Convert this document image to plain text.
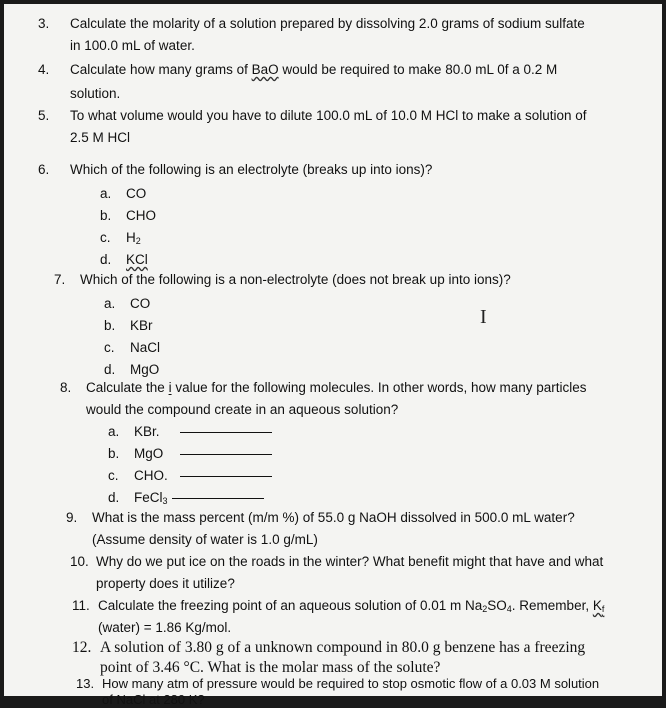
3. Calculate the molarity of a solution prepared by dissolving 2.0 grams of sodium sulfate
in 100.0 mL of water.
4. Calculate how many grams of BaO would be required to make 80.0 mL 0f a 0.2 M
solution.
5. To what volume would you have to dilute 100.0 mL of 10.0 M HCl to make a solution of
2.5 M HCl
6. Which of the following is an electrolyte (breaks up into ions)?
a. CO
b. CHO
c. $H_2$
d. KCl
7. Which of the following is a non-electrolyte (does not break up into ions)?
a. CO
b. KBr
c. NaCl
d. MgO
I
8. Calculate the i value for the following molecules. In other words, how many particles
would the compound create in an aqueous solution?
a. KBr.
b. MgO
c. CHO.
d. FeCl$_3$
9. What is the mass percent (m/m %) of 55.0 g NaOH dissolved in 500.0 mL water?
(Assume density of water is 1.0 g/mL)
10. Why do we put ice on the roads in the winter? What benefit might that have and what
property does it utilize?
11. Calculate the freezing point of an aqueous solution of 0.01 m $Na_2SO_4$. Remember, $K_f$
(water) = 1.86 Kg/mol.
12. A solution of 3.80 g of a unknown compound in 80.0 g benzene has a freezing
point of 3.46 °C. What is the molar mass of the solute?
13. How many atm of pressure would be required to stop osmotic flow of a 0.03 M solution
of NaCl at 280 K?
